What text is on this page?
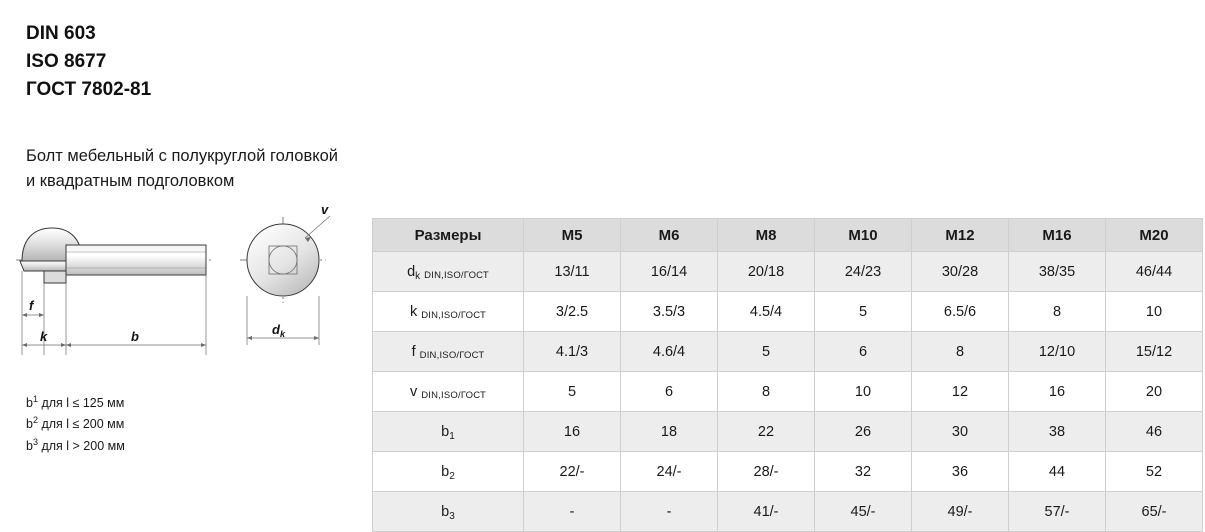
DIN 603
ISO 8677
ГОСТ 7802-81
Болт мебельный с полукруглой головкой
и квадратным подголовком
f
k	b
v
d k
$b^1$ для l ≤ 125 мм
$b^2$ для l ≤ 200 мм
$b^3$ для l > 200 мм
Размеры	M5	M6	M8	M10	M12	M16	M20
$d_k$ DIN,ISO/ГОСТ	13/11	16/14	20/18	24/23	30/28	38/35	46/44
k DIN,ISO/ГОСТ	3/2.5	3.5/3	4.5/4	5	6.5/6	8	10
f DIN,ISO/ГОСТ	4.1/3	4.6/4	5	6	8	12/10	15/12
v DIN,ISO/ГОСТ	5	6	8	10	12	16	20
$b_1$	16	18	22	26	30	38	46
$b_2$	22/-	24/-	28/-	32	36	44	52
$b_3$	-	-	41/-	45/-	49/-	57/-	65/-
